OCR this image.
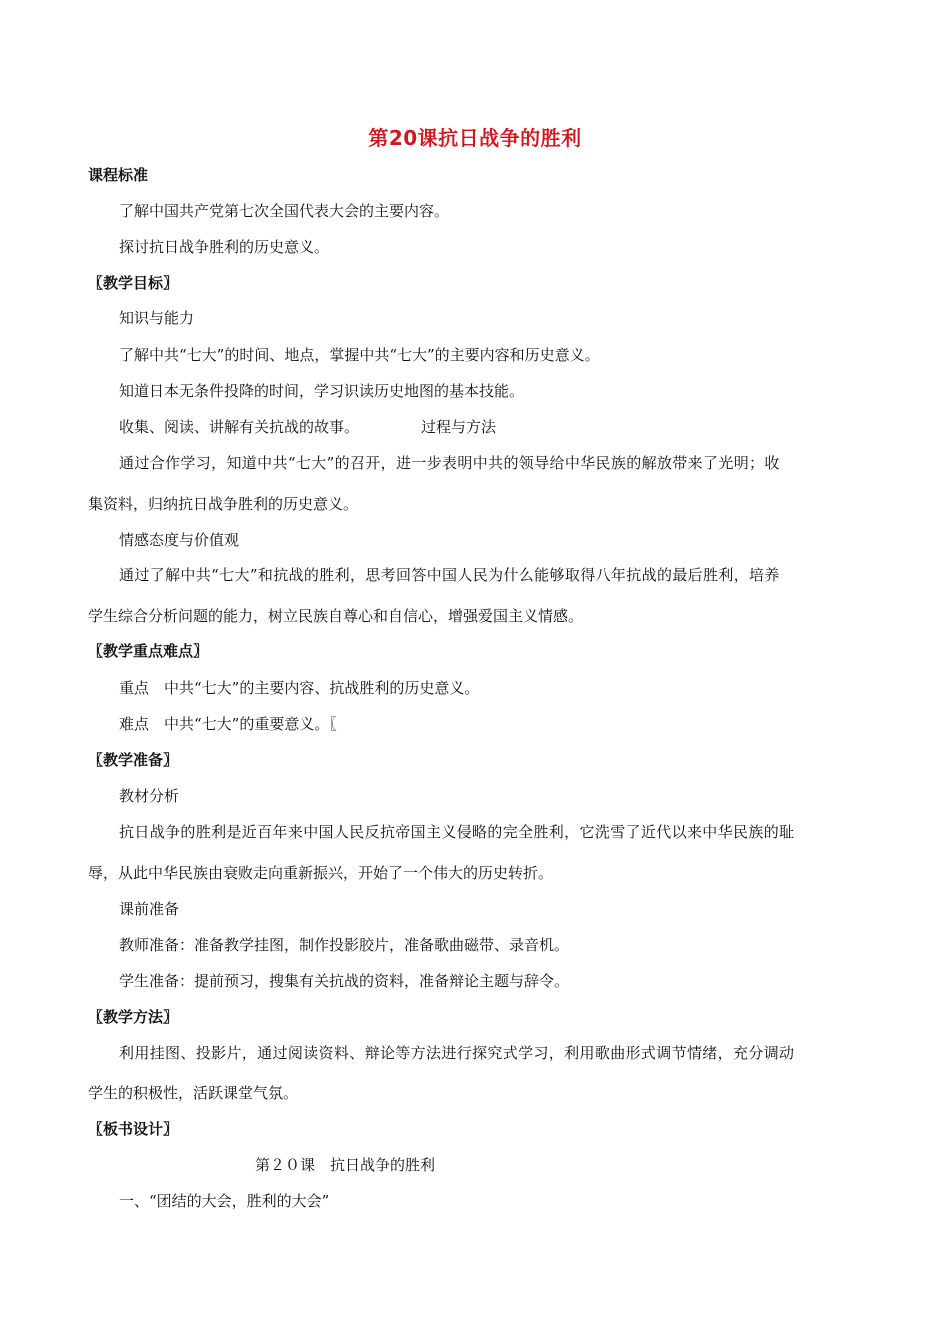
第20课抗日战争的胜利
课程标准
了解中国共产党第七次全国代表大会的主要内容。
探讨抗日战争胜利的历史意义。
〖教学目标〗
知识与能力
了解中共“七大”的时间、地点，掌握中共“七大”的主要内容和历史意义。
知道日本无条件投降的时间，学习识读历史地图的基本技能。
收集、阅读、讲解有关抗战的故事。	过程与方法
通过合作学习，知道中共“七大”的召开，进一步表明中共的领导给中华民族的解放带来了光明；收
集资料，归纳抗日战争胜利的历史意义。
情感态度与价值观
通过了解中共“七大”和抗战的胜利，思考回答中国人民为什么能够取得八年抗战的最后胜利，培养
学生综合分析问题的能力，树立民族自尊心和自信心，增强爱国主义情感。
〖教学重点难点〗
重点　中共“七大”的主要内容、抗战胜利的历史意义。
难点　中共“七大”的重要意义。〖
〖教学准备〗
教材分析
抗日战争的胜利是近百年来中国人民反抗帝国主义侵略的完全胜利，它洗雪了近代以来中华民族的耻
辱，从此中华民族由衰败走向重新振兴，开始了一个伟大的历史转折。
课前准备
教师准备：准备教学挂图，制作投影胶片，准备歌曲磁带、录音机。
学生准备：提前预习，搜集有关抗战的资料，准备辩论主题与辞令。
〖教学方法〗
利用挂图、投影片，通过阅读资料、辩论等方法进行探究式学习，利用歌曲形式调节情绪，充分调动
学生的积极性，活跃课堂气氛。
〖板书设计〗
第２０课　抗日战争的胜利
一、“团结的大会，胜利的大会”
